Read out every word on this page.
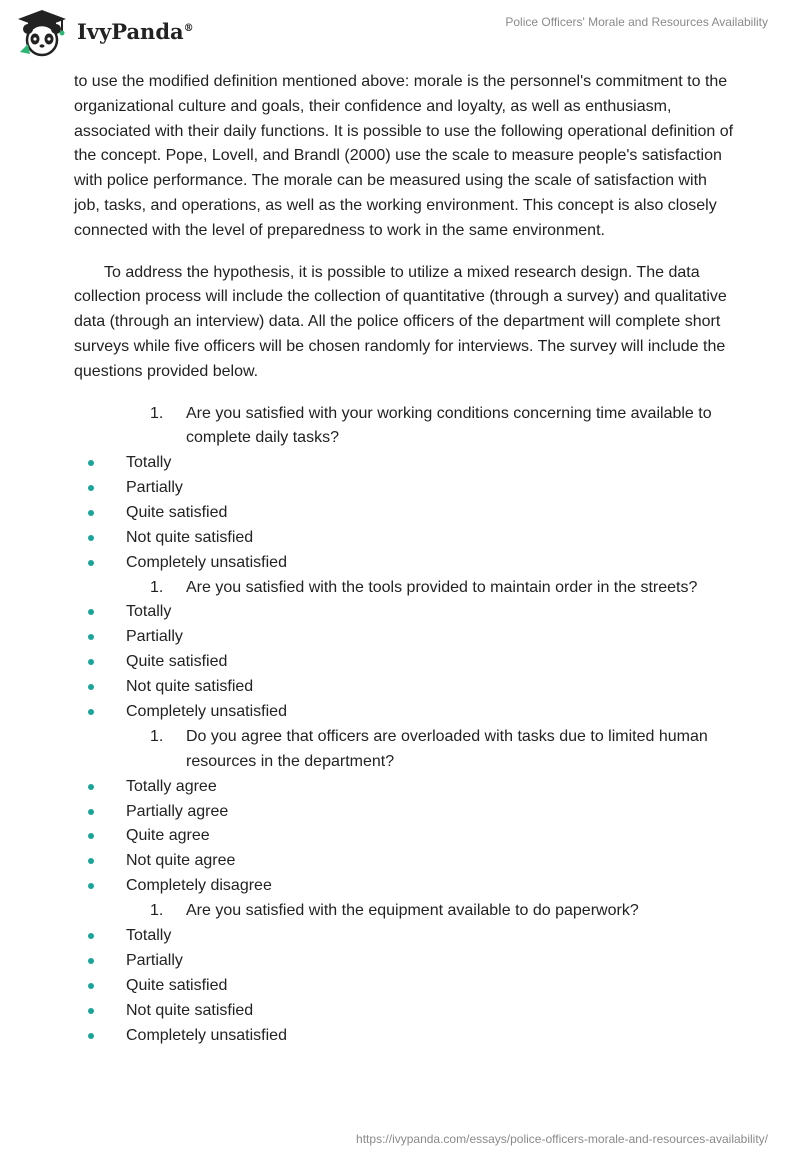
IvyPanda®	Police Officers' Morale and Resources Availability

to use the modified definition mentioned above: morale is the personnel's commitment to the organizational culture and goals, their confidence and loyalty, as well as enthusiasm, associated with their daily functions. It is possible to use the following operational definition of the concept. Pope, Lovell, and Brandl (2000) use the scale to measure people's satisfaction with police performance. The morale can be measured using the scale of satisfaction with job, tasks, and operations, as well as the working environment. This concept is also closely connected with the level of preparedness to work in the same environment.

To address the hypothesis, it is possible to utilize a mixed research design. The data collection process will include the collection of quantitative (through a survey) and qualitative data (through an interview) data. All the police officers of the department will complete short surveys while five officers will be chosen randomly for interviews. The survey will include the questions provided below.

1. Are you satisfied with your working conditions concerning time available to complete daily tasks?
Totally
Partially
Quite satisfied
Not quite satisfied
Completely unsatisfied
1. Are you satisfied with the tools provided to maintain order in the streets?
Totally
Partially
Quite satisfied
Not quite satisfied
Completely unsatisfied
1. Do you agree that officers are overloaded with tasks due to limited human resources in the department?
Totally agree
Partially agree
Quite agree
Not quite agree
Completely disagree
1. Are you satisfied with the equipment available to do paperwork?
Totally
Partially
Quite satisfied
Not quite satisfied
Completely unsatisfied
https://ivypanda.com/essays/police-officers-morale-and-resources-availability/
